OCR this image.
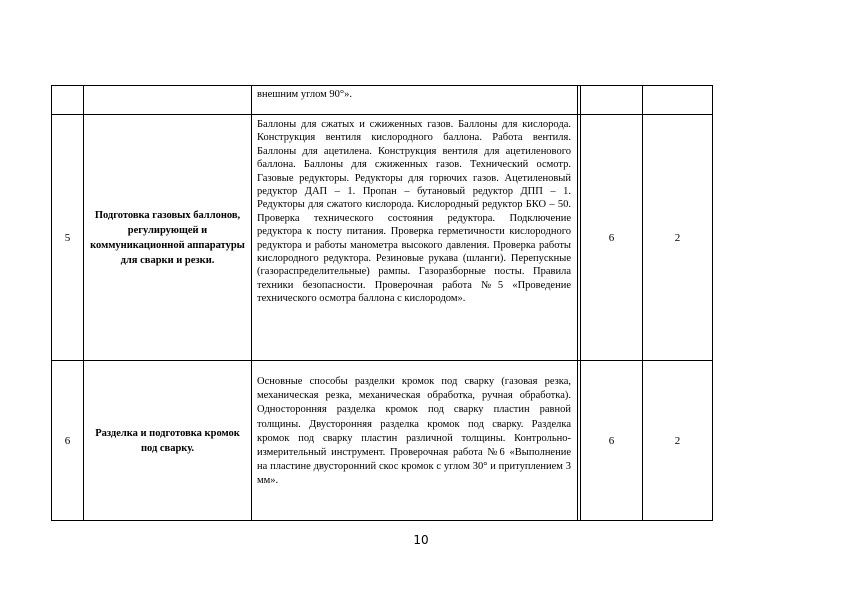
		внешним углом 90°».			
5	Подготовка газовых баллонов, регулирующей и коммуникационной аппаратуры для сварки и резки.	Баллоны для сжатых и сжиженных газов. Баллоны для кислорода. Конструкция вентиля кислородного баллона. Работа вентиля. Баллоны для ацетилена. Конструкция вентиля для ацетиленового баллона. Баллоны для сжиженных газов. Технический осмотр. Газовые редукторы. Редукторы для горючих газов. Ацетиленовый редуктор ДАП – 1. Пропан – бутановый редуктор ДПП – 1. Редукторы для сжатого кислорода. Кислородный редуктор БКО – 50. Проверка технического состояния редуктора. Подключение редуктора к посту питания. Проверка герметичности кислородного редуктора и работы манометра высокого давления. Проверка работы кислородного редуктора. Резиновые рукава (шланги). Перепускные (газораспределительные) рампы. Газоразборные посты. Правила техники безопасности. Проверочная работа №5 «Проведение технического осмотра баллона с кислородом».		6	2
6	Разделка и подготовка кромок под сварку.	Основные способы разделки кромок под сварку (газовая резка, механическая резка, механическая обработка, ручная обработка). Односторонняя разделка кромок под сварку пластин равной толщины. Двусторонняя разделка кромок под сварку. Разделка кромок под сварку пластин различной толщины. Контрольно-измерительный инструмент. Проверочная работа №6 «Выполнение на пластине двусторонний скос кромок с углом 30° и притуплением 3 мм».		6	2
10
